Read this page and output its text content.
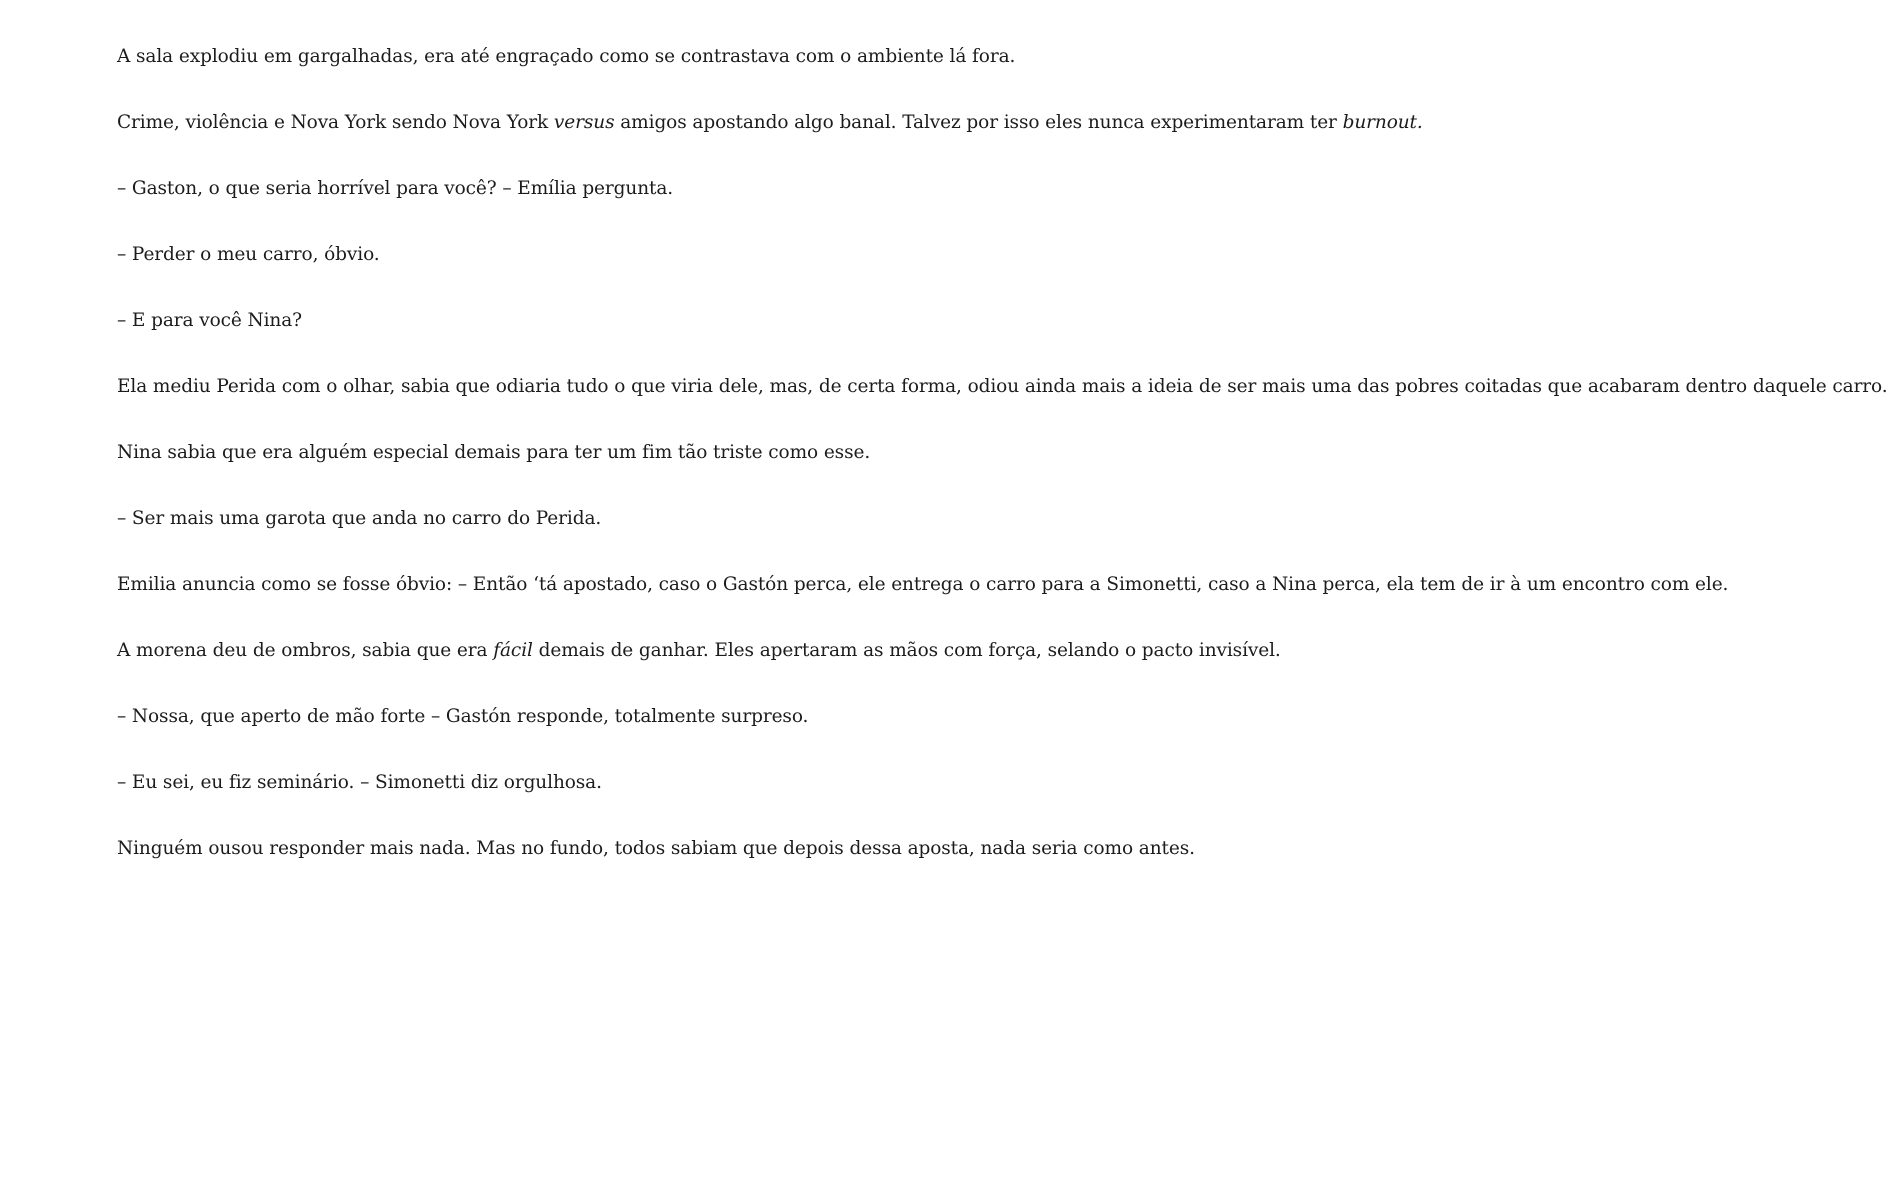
A sala explodiu em gargalhadas, era até engraçado como se contrastava com o ambiente lá fora.

Crime, violência e Nova York sendo Nova York versus amigos apostando algo banal. Talvez por isso eles nunca experimentaram ter burnout.

– Gaston, o que seria horrível para você? – Emília pergunta.

– Perder o meu carro, óbvio.

– E para você Nina?

Ela mediu Perida com o olhar, sabia que odiaria tudo o que viria dele, mas, de certa forma, odiou ainda mais a ideia de ser mais uma das pobres coitadas que acabaram dentro daquele carro.

Nina sabia que era alguém especial demais para ter um fim tão triste como esse.

– Ser mais uma garota que anda no carro do Perida.

Emilia anuncia como se fosse óbvio: – Então ‘tá apostado, caso o Gastón perca, ele entrega o carro para a Simonetti, caso a Nina perca, ela tem de ir à um encontro com ele.

A morena deu de ombros, sabia que era fácil demais de ganhar. Eles apertaram as mãos com força, selando o pacto invisível.

– Nossa, que aperto de mão forte – Gastón responde, totalmente surpreso.

– Eu sei, eu fiz seminário. – Simonetti diz orgulhosa.

Ninguém ousou responder mais nada. Mas no fundo, todos sabiam que depois dessa aposta, nada seria como antes.
